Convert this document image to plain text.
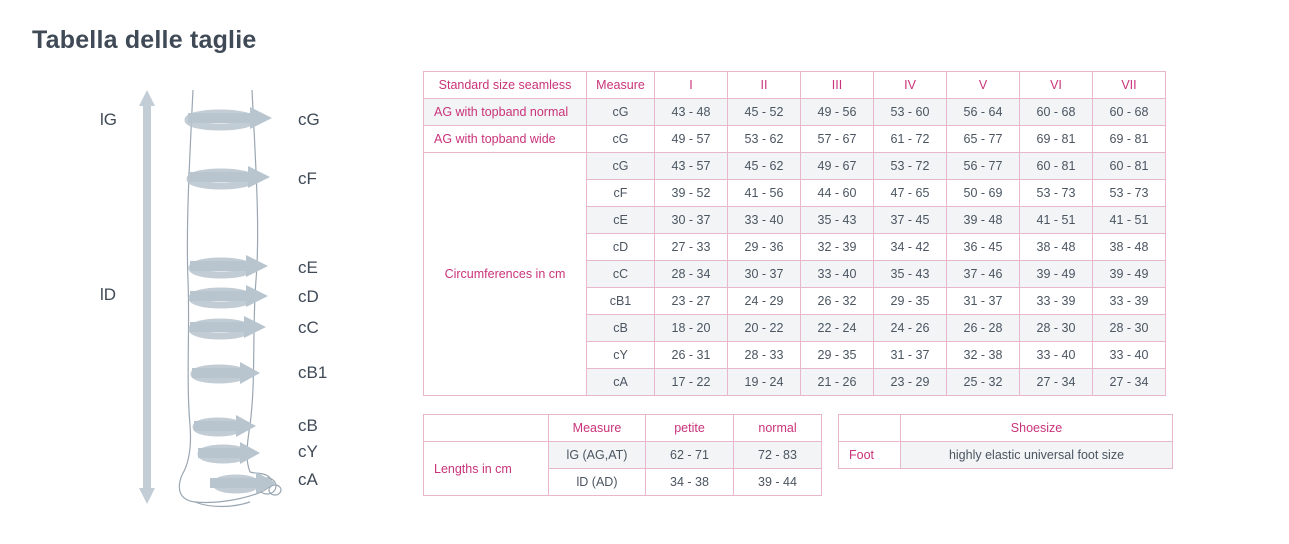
Tabella delle taglie
lG
lD
cG
cF
cE
cD
cC
cB1
cB
cY
cA
Standard size seamless	Measure	I	II	III	IV	V	VI	VII
AG with topband normal	cG	43 - 48	45 - 52	49 - 56	53 - 60	56 - 64	60 - 68	60 - 68
AG with topband wide	cG	49 - 57	53 - 62	57 - 67	61 - 72	65 - 77	69 - 81	69 - 81
Circumferences in cm	cG	43 - 57	45 - 62	49 - 67	53 - 72	56 - 77	60 - 81	60 - 81
	cF	39 - 52	41 - 56	44 - 60	47 - 65	50 - 69	53 - 73	53 - 73
	cE	30 - 37	33 - 40	35 - 43	37 - 45	39 - 48	41 - 51	41 - 51
	cD	27 - 33	29 - 36	32 - 39	34 - 42	36 - 45	38 - 48	38 - 48
	cC	28 - 34	30 - 37	33 - 40	35 - 43	37 - 46	39 - 49	39 - 49
	cB1	23 - 27	24 - 29	26 - 32	29 - 35	31 - 37	33 - 39	33 - 39
	cB	18 - 20	20 - 22	22 - 24	24 - 26	26 - 28	28 - 30	28 - 30
	cY	26 - 31	28 - 33	29 - 35	31 - 37	32 - 38	33 - 40	33 - 40
	cA	17 - 22	19 - 24	21 - 26	23 - 29	25 - 32	27 - 34	27 - 34
	Measure	petite	normal
Lengths in cm	lG (AG,AT)	62 - 71	72 - 83
	lD (AD)	34 - 38	39 - 44
	Shoesize
Foot	highly elastic universal foot size
